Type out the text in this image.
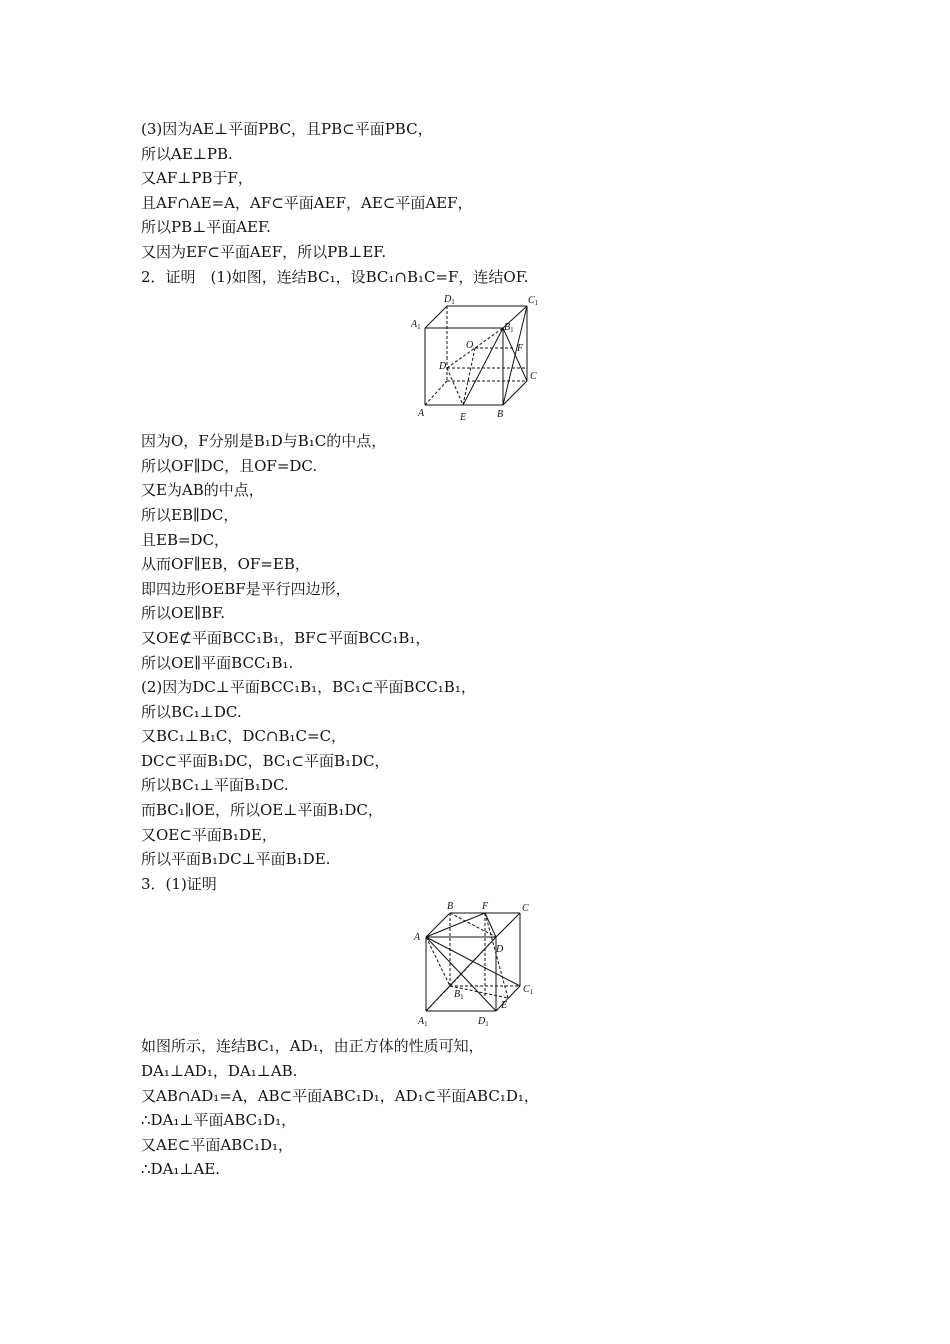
(3)因为AE⊥平面PBC，且PB⊂平面PBC，
所以AE⊥PB.
又AF⊥PB于F，
且AF∩AE=A，AF⊂平面AEF，AE⊂平面AEF，
所以PB⊥平面AEF.
又因为EF⊂平面AEF，所以PB⊥EF.
2．证明　(1)如图，连结BC₁，设BC₁∩B₁C=F，连结OF.
$D_1$	$C_1$
$A_1$	$B_1$
O	F
D
C
A	E	B
因为O，F分别是B₁D与B₁C的中点，
所以OF∥DC，且OF=DC.
又E为AB的中点，
所以EB∥DC，
且EB=DC，
从而OF∥EB，OF=EB，
即四边形OEBF是平行四边形，
所以OE∥BF.
又OE⊄平面BCC₁B₁，BF⊂平面BCC₁B₁，
所以OE∥平面BCC₁B₁.
(2)因为DC⊥平面BCC₁B₁，BC₁⊂平面BCC₁B₁，
所以BC₁⊥DC.
又BC₁⊥B₁C，DC∩B₁C=C，
DC⊂平面B₁DC，BC₁⊂平面B₁DC，
所以BC₁⊥平面B₁DC.
而BC₁∥OE，所以OE⊥平面B₁DC，
又OE⊂平面B₁DE，
所以平面B₁DC⊥平面B₁DE.
3．(1)证明
B	F	C
A
D
$C_1$
$B_1$
E
$A_1$	$D_1$
如图所示，连结BC₁，AD₁，由正方体的性质可知，
DA₁⊥AD₁，DA₁⊥AB.
又AB∩AD₁=A，AB⊂平面ABC₁D₁，AD₁⊂平面ABC₁D₁，
∴DA₁⊥平面ABC₁D₁，
又AE⊂平面ABC₁D₁，
∴DA₁⊥AE.
